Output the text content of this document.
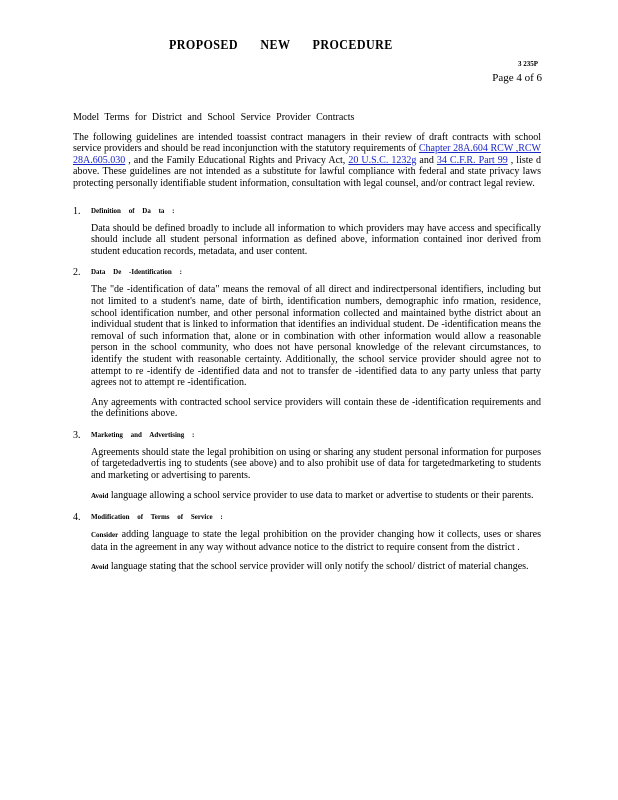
PROPOSED NEW PROCEDURE
3 235P
Page 4 of 6

Model Terms for District and School Service Provider Contracts

The following guidelines are intended toassist contract managers in their review of draft contracts with school service providers and should be read inconjunction with the statutory requirements of Chapter 28A.604 RCW ,RCW 28A.605.030 , and the Family Educational Rights and Privacy Act, 20 U.S.C. 1232g and 34 C.F.R. Part 99 , liste d above. These guidelines are not intended as a substitute for lawful compliance with federal and state privacy laws protecting personally identifiable student information, consultation with legal counsel, and/or contract legal review.

1. Definition of Da ta :

Data should be defined broadly to include all information to which providers may have access and specifically should include all student personal information as defined above, information contained inor derived from student education records, metadata, and user content.

2. Data De -Identification :

The "de -identification of data" means the removal of all direct and indirectpersonal identifiers, including but not limited to a student's name, date of birth, identification numbers, demographic info rmation, residence, school identification number, and other personal information collected and maintained bythe district about an individual student that is linked to information that identifies an individual student. De -identification means the removal of such information that, alone or in combination with other information would allow a reasonable person in the school community, who does not have personal knowledge of the relevant circumstances, to identify the student with reasonable certainty. Additionally, the school service provider should agree not to attempt to re -identify de -identified data and not to transfer de -identified data to any party unless that party agrees not to attempt re -identification.

Any agreements with contracted school service providers will contain these de -identification requirements and the definitions above.

3. Marketing and Advertising :

Agreements should state the legal prohibition on using or sharing any student personal information for purposes of targetedadvertis ing to students (see above) and to also prohibit use of data for targetedmarketing to students and marketing or advertising to parents.

Avoid language allowing a school service provider to use data to market or advertise to students or their parents.

4. Modification of Terms of Service :

Consider adding language to state the legal prohibition on the provider changing how it collects, uses or shares data in the agreement in any way without advance notice to the district to require consent from the district .

Avoid language stating that the school service provider will only notify the school/ district of material changes.
